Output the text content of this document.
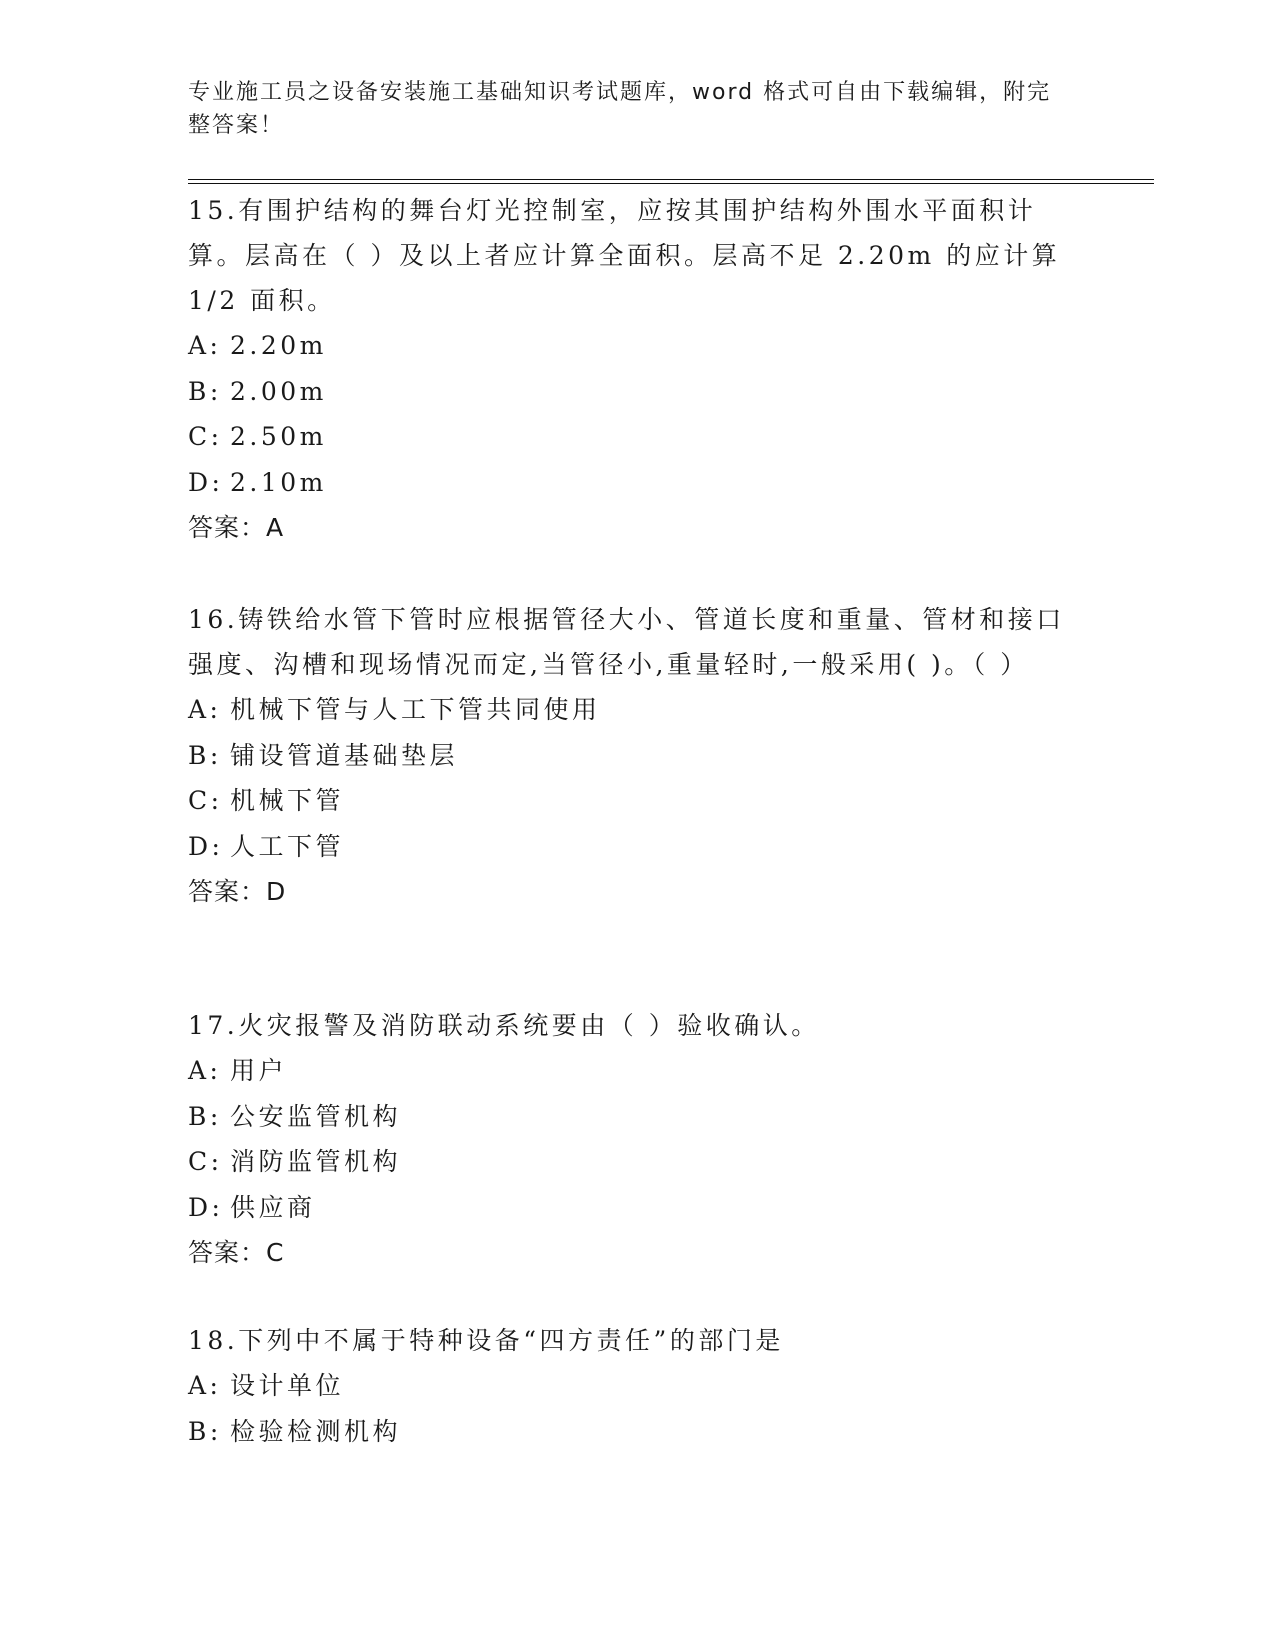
专业施工员之设备安装施工基础知识考试题库，word 格式可自由下载编辑，附完整答案！

15.有围护结构的舞台灯光控制室，应按其围护结构外围水平面积计算。层高在（ ）及以上者应计算全面积。层高不足 2.20m 的应计算 1/2 面积。

A: 2.20m

B: 2.00m

C: 2.50m

D: 2.10m

答案：A

16.铸铁给水管下管时应根据管径大小、管道长度和重量、管材和接口强度、沟槽和现场情况而定,当管径小,重量轻时,一般采用( )。（ ）

A: 机械下管与人工下管共同使用

B: 铺设管道基础垫层

C: 机械下管

D: 人工下管

答案：D

17.火灾报警及消防联动系统要由（ ）验收确认。

A: 用户

B: 公安监管机构

C: 消防监管机构

D: 供应商

答案：C

18.下列中不属于特种设备“四方责任”的部门是

A: 设计单位

B: 检验检测机构
